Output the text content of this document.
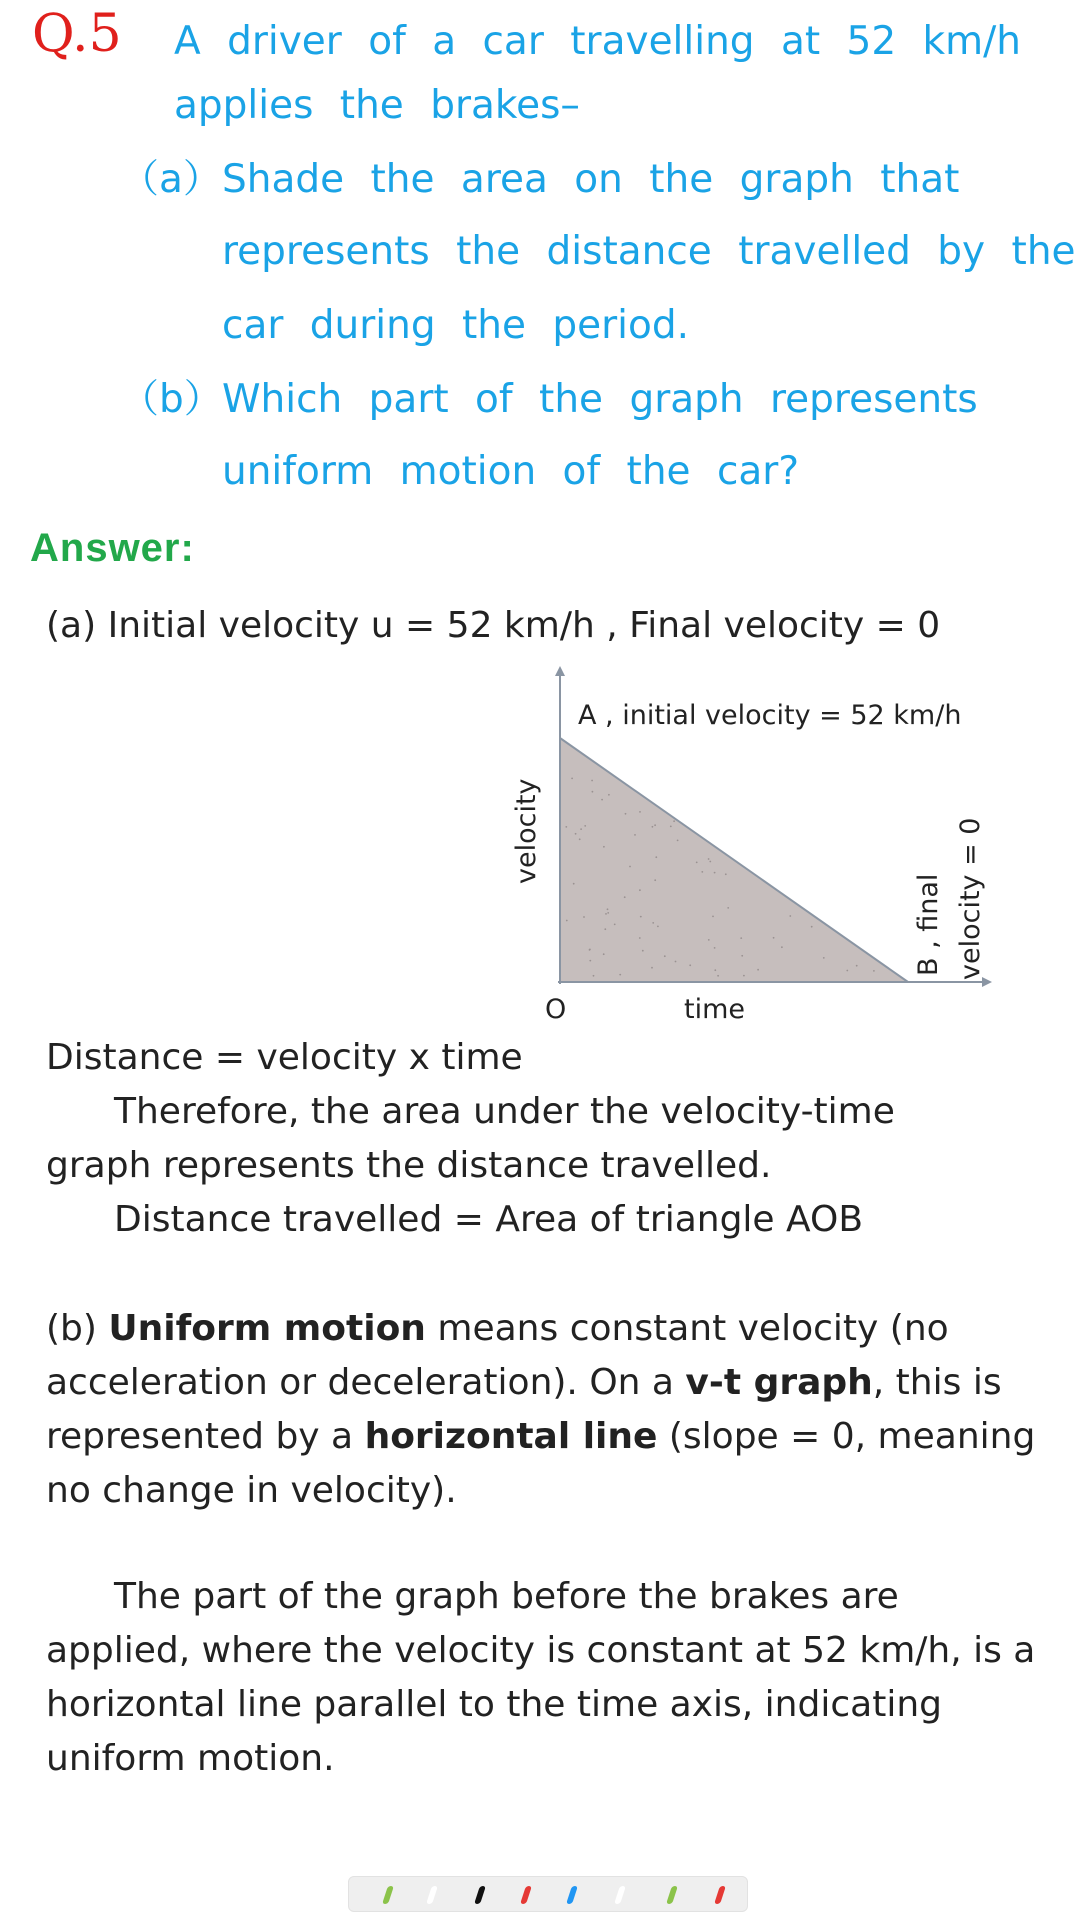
Q.5 A driver of a car travelling at 52 km/h
applies the brakes–
（a） Shade the area on the graph that
represents the distance travelled by the
car during the period.
（b） Which part of the graph represents
uniform motion of the car?
Answer:
(a) Initial velocity u = 52 km/h , Final velocity = 0
A , initial velocity = 52 km/h
velocity
O	time
B , final velocity = 0
Distance = velocity x time
Therefore, the area under the velocity-time
graph represents the distance travelled.
Distance travelled = Area of triangle AOB
(b) Uniform motion means constant velocity (no acceleration or deceleration). On a v-t graph, this is represented by a horizontal line (slope = 0, meaning no change in velocity).
The part of the graph before the brakes are applied, where the velocity is constant at 52 km/h, is a horizontal line parallel to the time axis, indicating uniform motion.
